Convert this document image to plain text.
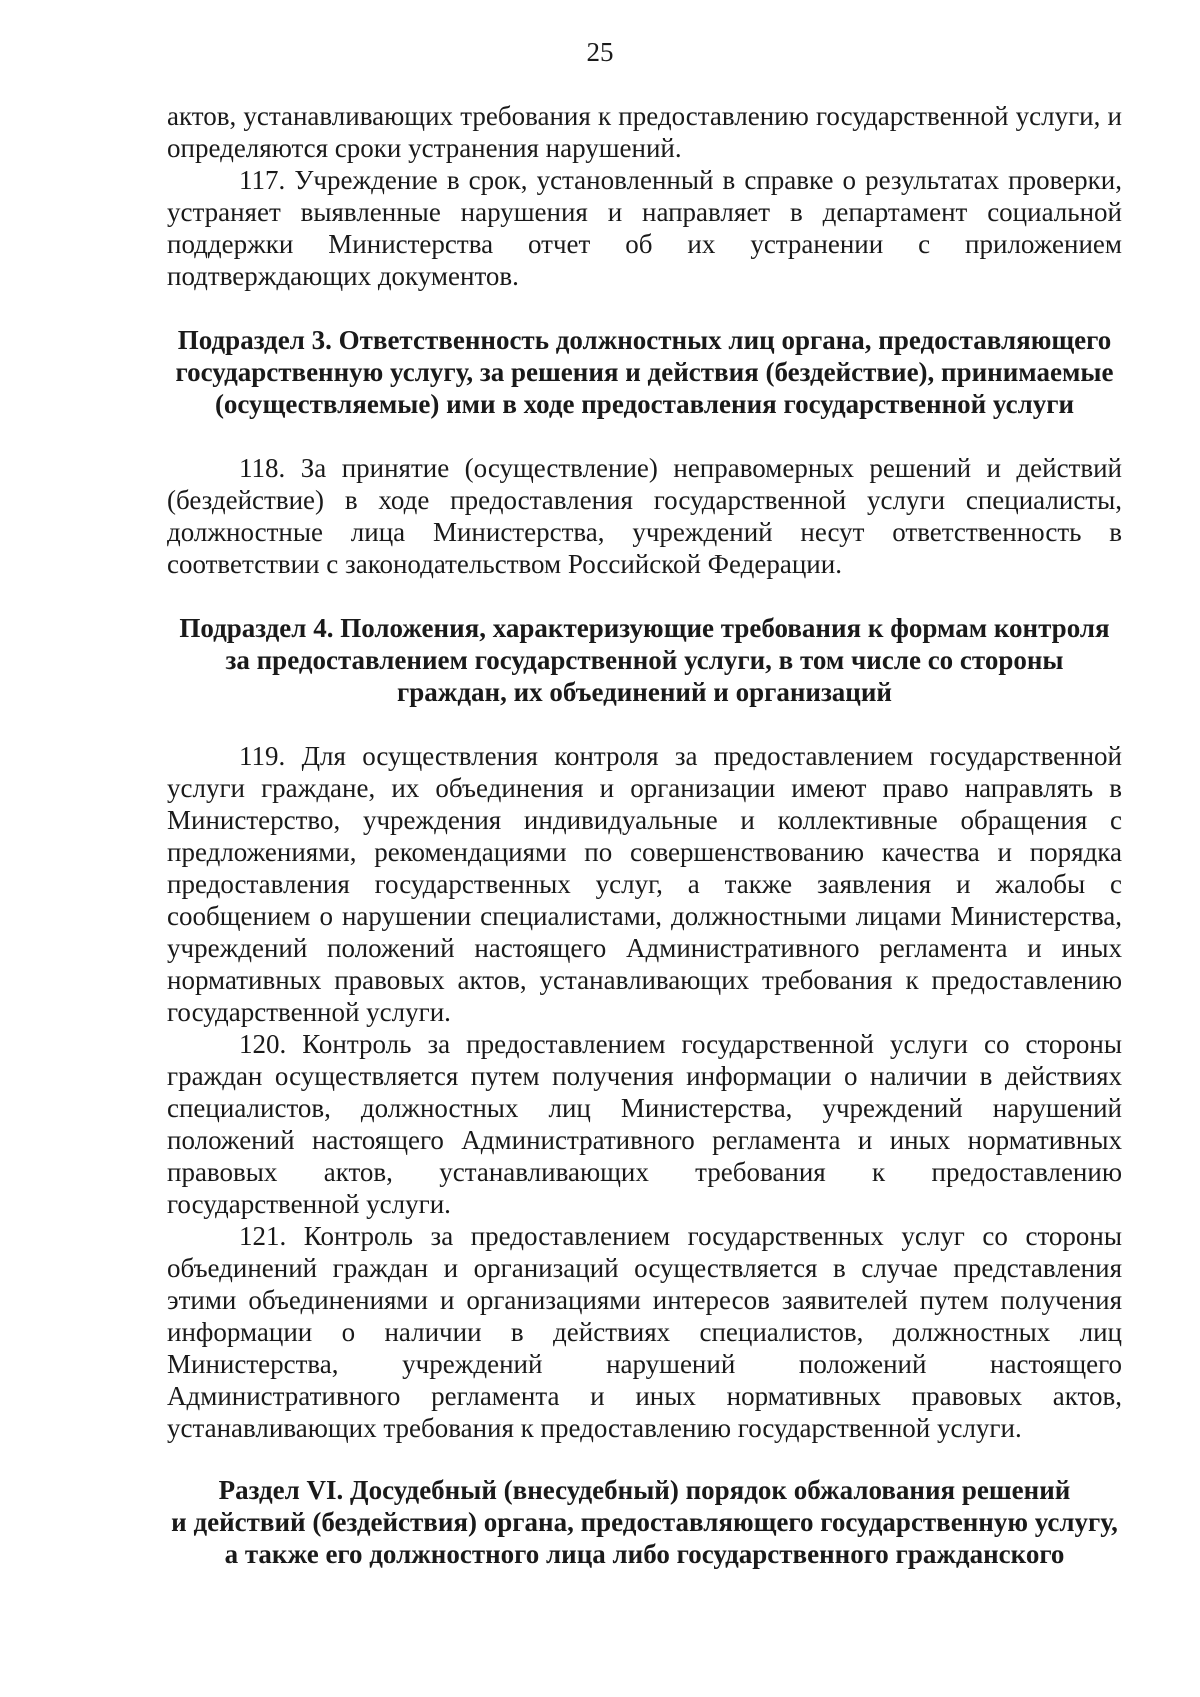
25

актов, устанавливающих требования к предоставлению государственной услуги, и определяются сроки устранения нарушений.

117. Учреждение в срок, установленный в справке о результатах проверки, устраняет выявленные нарушения и направляет в департамент социальной поддержки Министерства отчет об их устранении с приложением подтверждающих документов.

Подраздел 3. Ответственность должностных лиц органа, предоставляющего
государственную услугу, за решения и действия (бездействие), принимаемые
(осуществляемые) ими в ходе предоставления государственной услуги

118. За принятие (осуществление) неправомерных решений и действий (бездействие) в ходе предоставления государственной услуги специалисты, должностные лица Министерства, учреждений несут ответственность в соответствии с законодательством Российской Федерации.

Подраздел 4. Положения, характеризующие требования к формам контроля
за предоставлением государственной услуги, в том числе со стороны
граждан, их объединений и организаций

119. Для осуществления контроля за предоставлением государственной услуги граждане, их объединения и организации имеют право направлять в Министерство, учреждения индивидуальные и коллективные обращения с предложениями, рекомендациями по совершенствованию качества и порядка предоставления государственных услуг, а также заявления и жалобы с сообщением о нарушении специалистами, должностными лицами Министерства, учреждений положений настоящего Административного регламента и иных нормативных правовых актов, устанавливающих требования к предоставлению государственной услуги.

120. Контроль за предоставлением государственной услуги со стороны граждан осуществляется путем получения информации о наличии в действиях специалистов, должностных лиц Министерства, учреждений нарушений положений настоящего Административного регламента и иных нормативных правовых актов, устанавливающих требования к предоставлению государственной услуги.

121. Контроль за предоставлением государственных услуг со стороны объединений граждан и организаций осуществляется в случае представления этими объединениями и организациями интересов заявителей путем получения информации о наличии в действиях специалистов, должностных лиц Министерства, учреждений нарушений положений настоящего Административного регламента и иных нормативных правовых актов, устанавливающих требования к предоставлению государственной услуги.

Раздел VI. Досудебный (внесудебный) порядок обжалования решений
и действий (бездействия) органа, предоставляющего государственную услугу,
а также его должностного лица либо государственного гражданского
